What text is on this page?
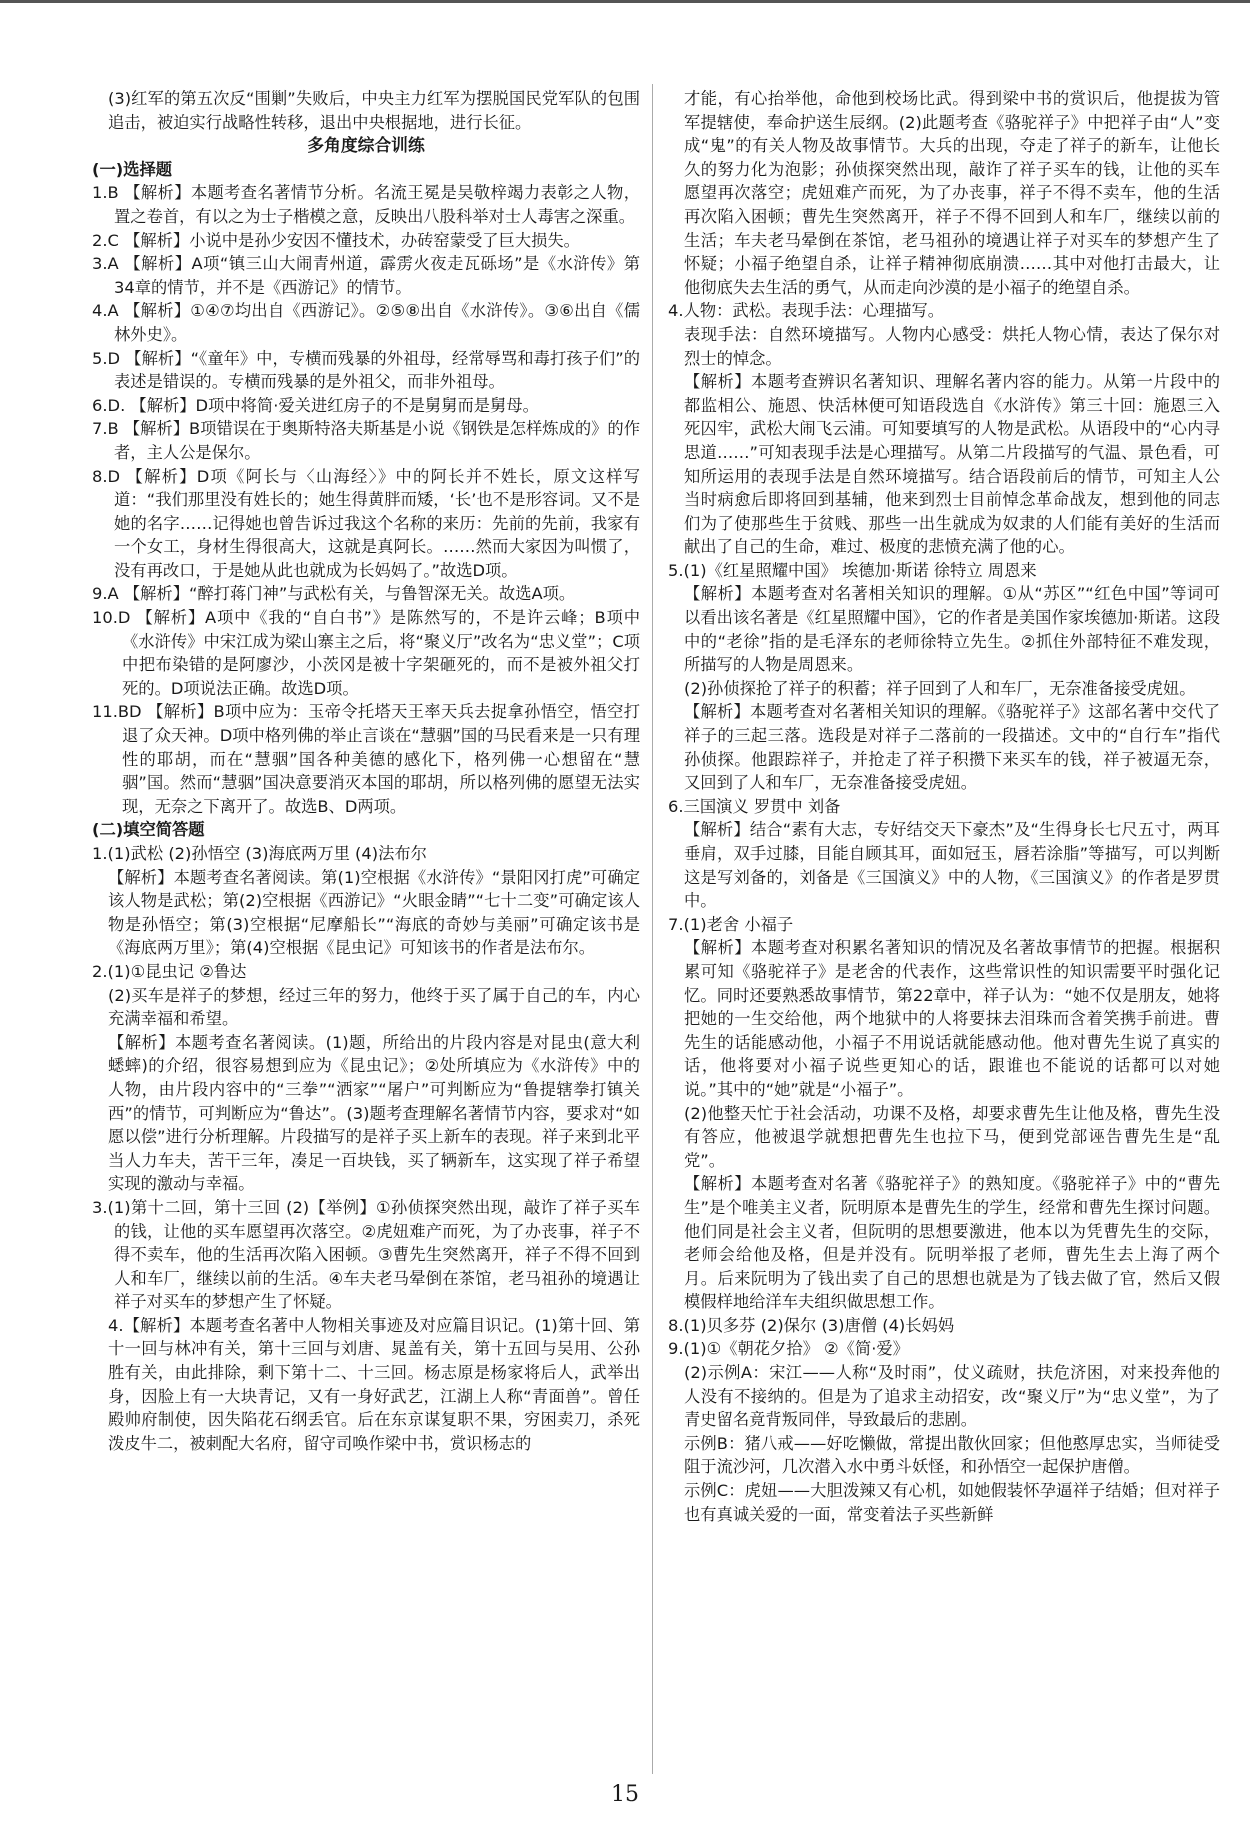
(3)红军的第五次反“围剿”失败后，中央主力红军为摆脱国民党军队的包围追击，被迫实行战略性转移，退出中央根据地，进行长征。

多角度综合训练

(一)选择题

1.B 【解析】本题考查名著情节分析。名流王冕是吴敬梓竭力表彰之人物，置之卷首，有以之为士子楷模之意，反映出八股科举对士人毒害之深重。

2.C 【解析】小说中是孙少安因不懂技术，办砖窑蒙受了巨大损失。

3.A 【解析】A项“镇三山大闹青州道，霹雳火夜走瓦砾场”是《水浒传》第34章的情节，并不是《西游记》的情节。

4.A 【解析】①④⑦均出自《西游记》。②⑤⑧出自《水浒传》。③⑥出自《儒林外史》。

5.D 【解析】“《童年》中，专横而残暴的外祖母，经常辱骂和毒打孩子们”的表述是错误的。专横而残暴的是外祖父，而非外祖母。

6.D. 【解析】D项中将简·爱关进红房子的不是舅舅而是舅母。

7.B 【解析】B项错误在于奥斯特洛夫斯基是小说《钢铁是怎样炼成的》的作者，主人公是保尔。

8.D 【解析】D项《阿长与〈山海经〉》中的阿长并不姓长，原文这样写道：“我们那里没有姓长的；她生得黄胖而矮，‘长’也不是形容词。又不是她的名字……记得她也曾告诉过我这个名称的来历：先前的先前，我家有一个女工，身材生得很高大，这就是真阿长。……然而大家因为叫惯了，没有再改口，于是她从此也就成为长妈妈了。”故选D项。

9.A 【解析】“醉打蒋门神”与武松有关，与鲁智深无关。故选A项。

10.D 【解析】A项中《我的“自白书”》是陈然写的，不是许云峰；B项中《水浒传》中宋江成为梁山寨主之后，将“聚义厅”改名为“忠义堂”；C项中把布染错的是阿廖沙，小茨冈是被十字架砸死的，而不是被外祖父打死的。D项说法正确。故选D项。

11.BD 【解析】B项中应为：玉帝令托塔天王率天兵去捉拿孙悟空，悟空打退了众天神。D项中格列佛的举止言谈在“慧骃”国的马民看来是一只有理性的耶胡，而在“慧骃”国各种美德的感化下，格列佛一心想留在“慧骃”国。然而“慧骃”国决意要消灭本国的耶胡，所以格列佛的愿望无法实现，无奈之下离开了。故选B、D两项。

(二)填空简答题

1.(1)武松 (2)孙悟空 (3)海底两万里 (4)法布尔

【解析】本题考查名著阅读。第(1)空根据《水浒传》“景阳冈打虎”可确定该人物是武松；第(2)空根据《西游记》“火眼金睛”“七十二变”可确定该人物是孙悟空；第(3)空根据“尼摩船长”“海底的奇妙与美丽”可确定该书是《海底两万里》；第(4)空根据《昆虫记》可知该书的作者是法布尔。

2.(1)①昆虫记 ②鲁达

(2)买车是祥子的梦想，经过三年的努力，他终于买了属于自己的车，内心充满幸福和希望。

【解析】本题考查名著阅读。(1)题，所给出的片段内容是对昆虫(意大利蟋蟀)的介绍，很容易想到应为《昆虫记》；②处所填应为《水浒传》中的人物，由片段内容中的“三拳”“洒家”“屠户”可判断应为“鲁提辖拳打镇关西”的情节，可判断应为“鲁达”。(3)题考查理解名著情节内容，要求对“如愿以偿”进行分析理解。片段描写的是祥子买上新车的表现。祥子来到北平当人力车夫，苦干三年，凑足一百块钱，买了辆新车，这实现了祥子希望实现的激动与幸福。

3.(1)第十二回，第十三回 (2)【举例】①孙侦探突然出现，敲诈了祥子买车的钱，让他的买车愿望再次落空。②虎妞难产而死，为了办丧事，祥子不得不卖车，他的生活再次陷入困顿。③曹先生突然离开，祥子不得不回到人和车厂，继续以前的生活。④车夫老马晕倒在茶馆，老马祖孙的境遇让祥子对买车的梦想产生了怀疑。

4.【解析】本题考查名著中人物相关事迹及对应篇目识记。(1)第十回、第十一回与林冲有关，第十三回与刘唐、晁盖有关，第十五回与吴用、公孙胜有关，由此排除，剩下第十二、十三回。杨志原是杨家将后人，武举出身，因脸上有一大块青记，又有一身好武艺，江湖上人称“青面兽”。曾任殿帅府制使，因失陷花石纲丢官。后在东京谋复职不果，穷困卖刀，杀死泼皮牛二，被刺配大名府，留守司唤作梁中书，赏识杨志的

才能，有心抬举他，命他到校场比武。得到梁中书的赏识后，他提拔为管军提辖使，奉命护送生辰纲。(2)此题考查《骆驼祥子》中把祥子由“人”变成“鬼”的有关人物及故事情节。大兵的出现，夺走了祥子的新车，让他长久的努力化为泡影；孙侦探突然出现，敲诈了祥子买车的钱，让他的买车愿望再次落空；虎妞难产而死，为了办丧事，祥子不得不卖车，他的生活再次陷入困顿；曹先生突然离开，祥子不得不回到人和车厂，继续以前的生活；车夫老马晕倒在茶馆，老马祖孙的境遇让祥子对买车的梦想产生了怀疑；小福子绝望自杀，让祥子精神彻底崩溃……其中对他打击最大，让他彻底失去生活的勇气，从而走向沙漠的是小福子的绝望自杀。

4.人物：武松。表现手法：心理描写。

表现手法：自然环境描写。人物内心感受：烘托人物心情，表达了保尔对烈士的悼念。

【解析】本题考查辨识名著知识、理解名著内容的能力。从第一片段中的都监相公、施恩、快活林便可知语段选自《水浒传》第三十回：施恩三入死囚牢，武松大闹飞云浦。可知要填写的人物是武松。从语段中的“心内寻思道……”可知表现手法是心理描写。从第二片段描写的气温、景色看，可知所运用的表现手法是自然环境描写。结合语段前后的情节，可知主人公当时病愈后即将回到基辅，他来到烈士目前悼念革命战友，想到他的同志们为了使那些生于贫贱、那些一出生就成为奴隶的人们能有美好的生活而献出了自己的生命，难过、极度的悲愤充满了他的心。

5.(1)《红星照耀中国》 埃德加·斯诺 徐特立 周恩来

【解析】本题考查对名著相关知识的理解。①从“苏区”“红色中国”等词可以看出该名著是《红星照耀中国》，它的作者是美国作家埃德加·斯诺。这段中的“老徐”指的是毛泽东的老师徐特立先生。②抓住外部特征不难发现，所描写的人物是周恩来。

(2)孙侦探抢了祥子的积蓄；祥子回到了人和车厂，无奈准备接受虎妞。

【解析】本题考查对名著相关知识的理解。《骆驼祥子》这部名著中交代了祥子的三起三落。选段是对祥子二落前的一段描述。文中的“自行车”指代孙侦探。他跟踪祥子，并抢走了祥子积攒下来买车的钱，祥子被逼无奈，又回到了人和车厂，无奈准备接受虎妞。

6.三国演义 罗贯中 刘备

【解析】结合“素有大志，专好结交天下豪杰”及“生得身长七尺五寸，两耳垂肩，双手过膝，目能自顾其耳，面如冠玉，唇若涂脂”等描写，可以判断这是写刘备的，刘备是《三国演义》中的人物，《三国演义》的作者是罗贯中。

7.(1)老舍 小福子

【解析】本题考查对积累名著知识的情况及名著故事情节的把握。根据积累可知《骆驼祥子》是老舍的代表作，这些常识性的知识需要平时强化记忆。同时还要熟悉故事情节，第22章中，祥子认为：“她不仅是朋友，她将把她的一生交给他，两个地狱中的人将要抹去泪珠而含着笑携手前进。曹先生的话能感动他，小福子不用说话就能感动他。他对曹先生说了真实的话，他将要对小福子说些更知心的话，跟谁也不能说的话都可以对她说。”其中的“她”就是“小福子”。

(2)他整天忙于社会活动，功课不及格，却要求曹先生让他及格，曹先生没有答应，他被退学就想把曹先生也拉下马，便到党部诬告曹先生是“乱党”。

【解析】本题考查对名著《骆驼祥子》的熟知度。《骆驼祥子》中的“曹先生”是个唯美主义者，阮明原本是曹先生的学生，经常和曹先生探讨问题。他们同是社会主义者，但阮明的思想要激进，他本以为凭曹先生的交际，老师会给他及格，但是并没有。阮明举报了老师，曹先生去上海了两个月。后来阮明为了钱出卖了自己的思想也就是为了钱去做了官，然后又假模假样地给洋车夫组织做思想工作。

8.(1)贝多芬 (2)保尔 (3)唐僧 (4)长妈妈

9.(1)①《朝花夕拾》 ②《简·爱》

(2)示例A：宋江——人称“及时雨”，仗义疏财，扶危济困，对来投奔他的人没有不接纳的。但是为了追求主动招安，改“聚义厅”为“忠义堂”，为了青史留名竟背叛同伴，导致最后的悲剧。

示例B：猪八戒——好吃懒做，常提出散伙回家；但他憨厚忠实，当师徒受阻于流沙河，几次潜入水中勇斗妖怪，和孙悟空一起保护唐僧。

示例C：虎妞——大胆泼辣又有心机，如她假装怀孕逼祥子结婚；但对祥子也有真诚关爱的一面，常变着法子买些新鲜

15
